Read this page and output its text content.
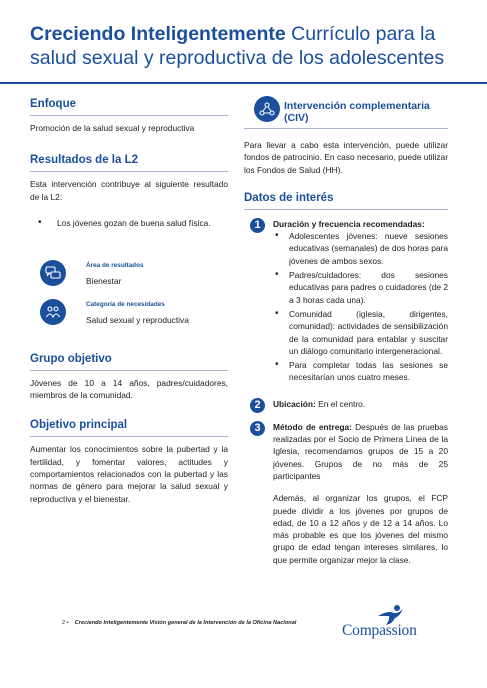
Creciendo Inteligentemente Currículo para la
salud sexual y reproductiva de los adolescentes
Enfoque
Promoción de la salud sexual y reproductiva
Resultados de la L2
Esta intervención contribuye al siguiente resultado de la L2:
• Los jóvenes gozan de buena salud física.
Área de resultados
Bienestar
Categoría de necesidades
Salud sexual y reproductiva
Grupo objetivo
Jóvenes de 10 a 14 años, padres/cuidadores, miembros de la comunidad.
Objetivo principal
Aumentar los conocimientos sobre la pubertad y la fertilidad, y fomentar valores, actitudes y comportamientos relacionados con la pubertad y las normas de género para mejorar la salud sexual y reproductiva y el bienestar.
Intervención complementaria (CIV)
Para llevar a cabo esta intervención, puede utilizar fondos de patrocinio. En caso necesario, puede utilizar los Fondos de Salud (HH).
Datos de interés
1	Duración y frecuencia recomendadas:
• Adolescentes jóvenes: nueve sesiones educativas (semanales) de dos horas para jóvenes de ambos sexos.
• Padres/cuidadores: dos sesiones educativas para padres o cuidadores (de 2 a 3 horas cada una).
• Comunidad (iglesia, dirigentes, comunidad): actividades de sensibilización de la comunidad para entablar y suscitar un diálogo comunitario intergeneracional.
• Para completar todas las sesiones se necesitarían unos cuatro meses.
2	Ubicación: En el centro.
3	Método de entrega: Después de las pruebas realizadas por el Socio de Primera Línea de la Iglesia, recomendamos grupos de 15 a 20 jóvenes. Grupos de no más de 25 participantes
Además, al organizar los grupos, el FCP puede dividir a los jóvenes por grupos de edad, de 10 a 12 años y de 12 a 14 años. Lo más probable es que los jóvenes del mismo grupo de edad tengan intereses similares, lo que permite organizar mejor la clase.
2 • Creciendo Inteligentemente Visión general de la Intervención de la Oficina Nacional	Compassion
